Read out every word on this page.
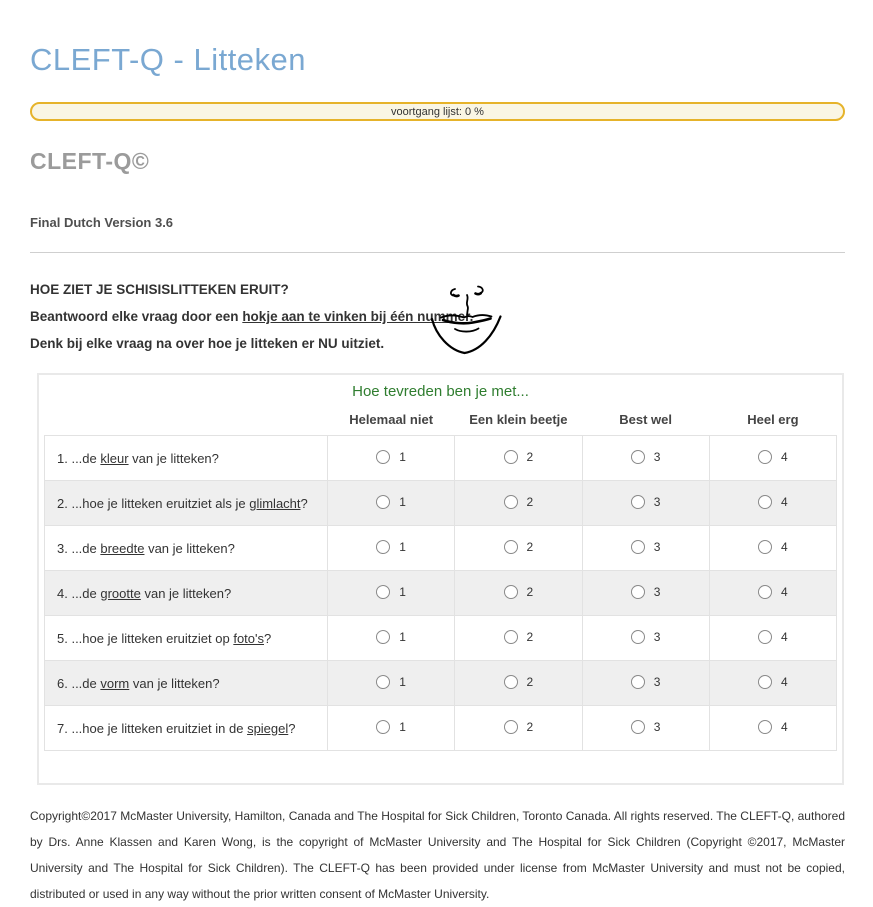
CLEFT-Q - Litteken
voortgang lijst: 0 %
CLEFT-Q©
Final Dutch Version 3.6
HOE ZIET JE SCHISISLITTEKEN ERUIT?
Beantwoord elke vraag door een hokje aan te vinken bij één nummer.
Denk bij elke vraag na over hoe je litteken er NU uitziet.
Hoe tevreden ben je met...
	Helemaal niet	Een klein beetje	Best wel	Heel erg
1. ...de kleur van je litteken?	1	2	3	4

2. ...hoe je litteken eruitziet als je glimlacht?	1	2	3	4

3. ...de breedte van je litteken?	1	2	3	4

4. ...de grootte van je litteken?	1	2	3	4

5. ...hoe je litteken eruitziet op foto's?	1	2	3	4

6. ...de vorm van je litteken?	1	2	3	4

7. ...hoe je litteken eruitziet in de spiegel?	1	2	3	4

Copyright©2017 McMaster University, Hamilton, Canada and The Hospital for Sick Children, Toronto Canada. All rights reserved. The CLEFT-Q, authored by Drs. Anne Klassen and Karen Wong, is the copyright of McMaster University and The Hospital for Sick Children (Copyright ©2017, McMaster University and The Hospital for Sick Children). The CLEFT-Q has been provided under license from McMaster University and must not be copied, distributed or used in any way without the prior written consent of McMaster University.
